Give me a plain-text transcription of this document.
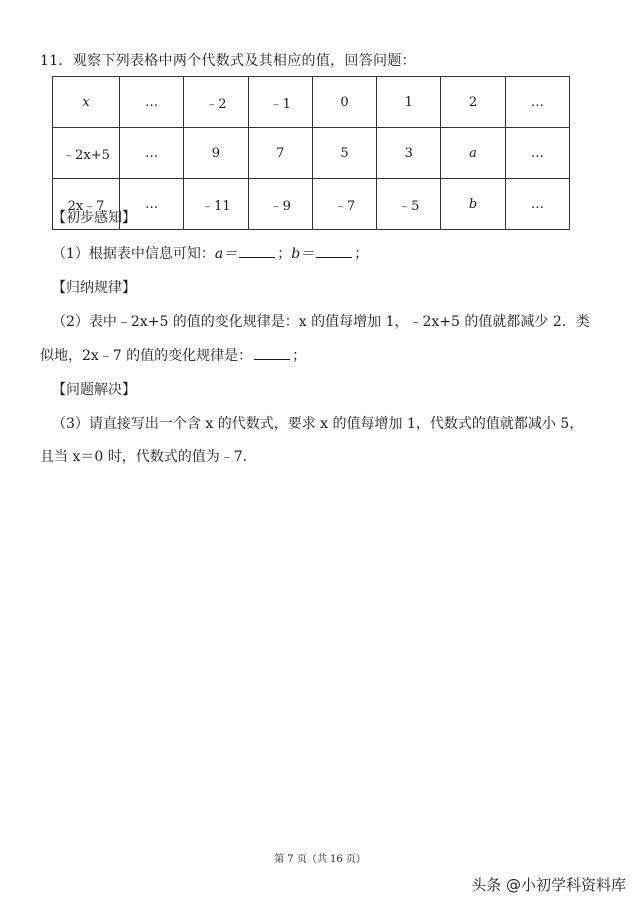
11．观察下列表格中两个代数式及其相应的值，回答问题：
x	…	﹣2	﹣1	0	1	2	…
﹣2x+5	…	9	7	5	3	a	…
2x﹣7	…	﹣11	﹣9	﹣7	﹣5	b	…
【初步感知】
（1）根据表中信息可知：a＝	；b＝	；
【归纳规律】
（2）表中﹣2x+5 的值的变化规律是：x 的值每增加 1，﹣2x+5 的值就都减少 2．类
似地，2x﹣7 的值的变化规律是：	；
【问题解决】
（3）请直接写出一个含 x 的代数式，要求 x 的值每增加 1，代数式的值就都减小 5，
且当 x＝0 时，代数式的值为﹣7．
第 7 页（共 16 页）
头条 @小初学科资料库
